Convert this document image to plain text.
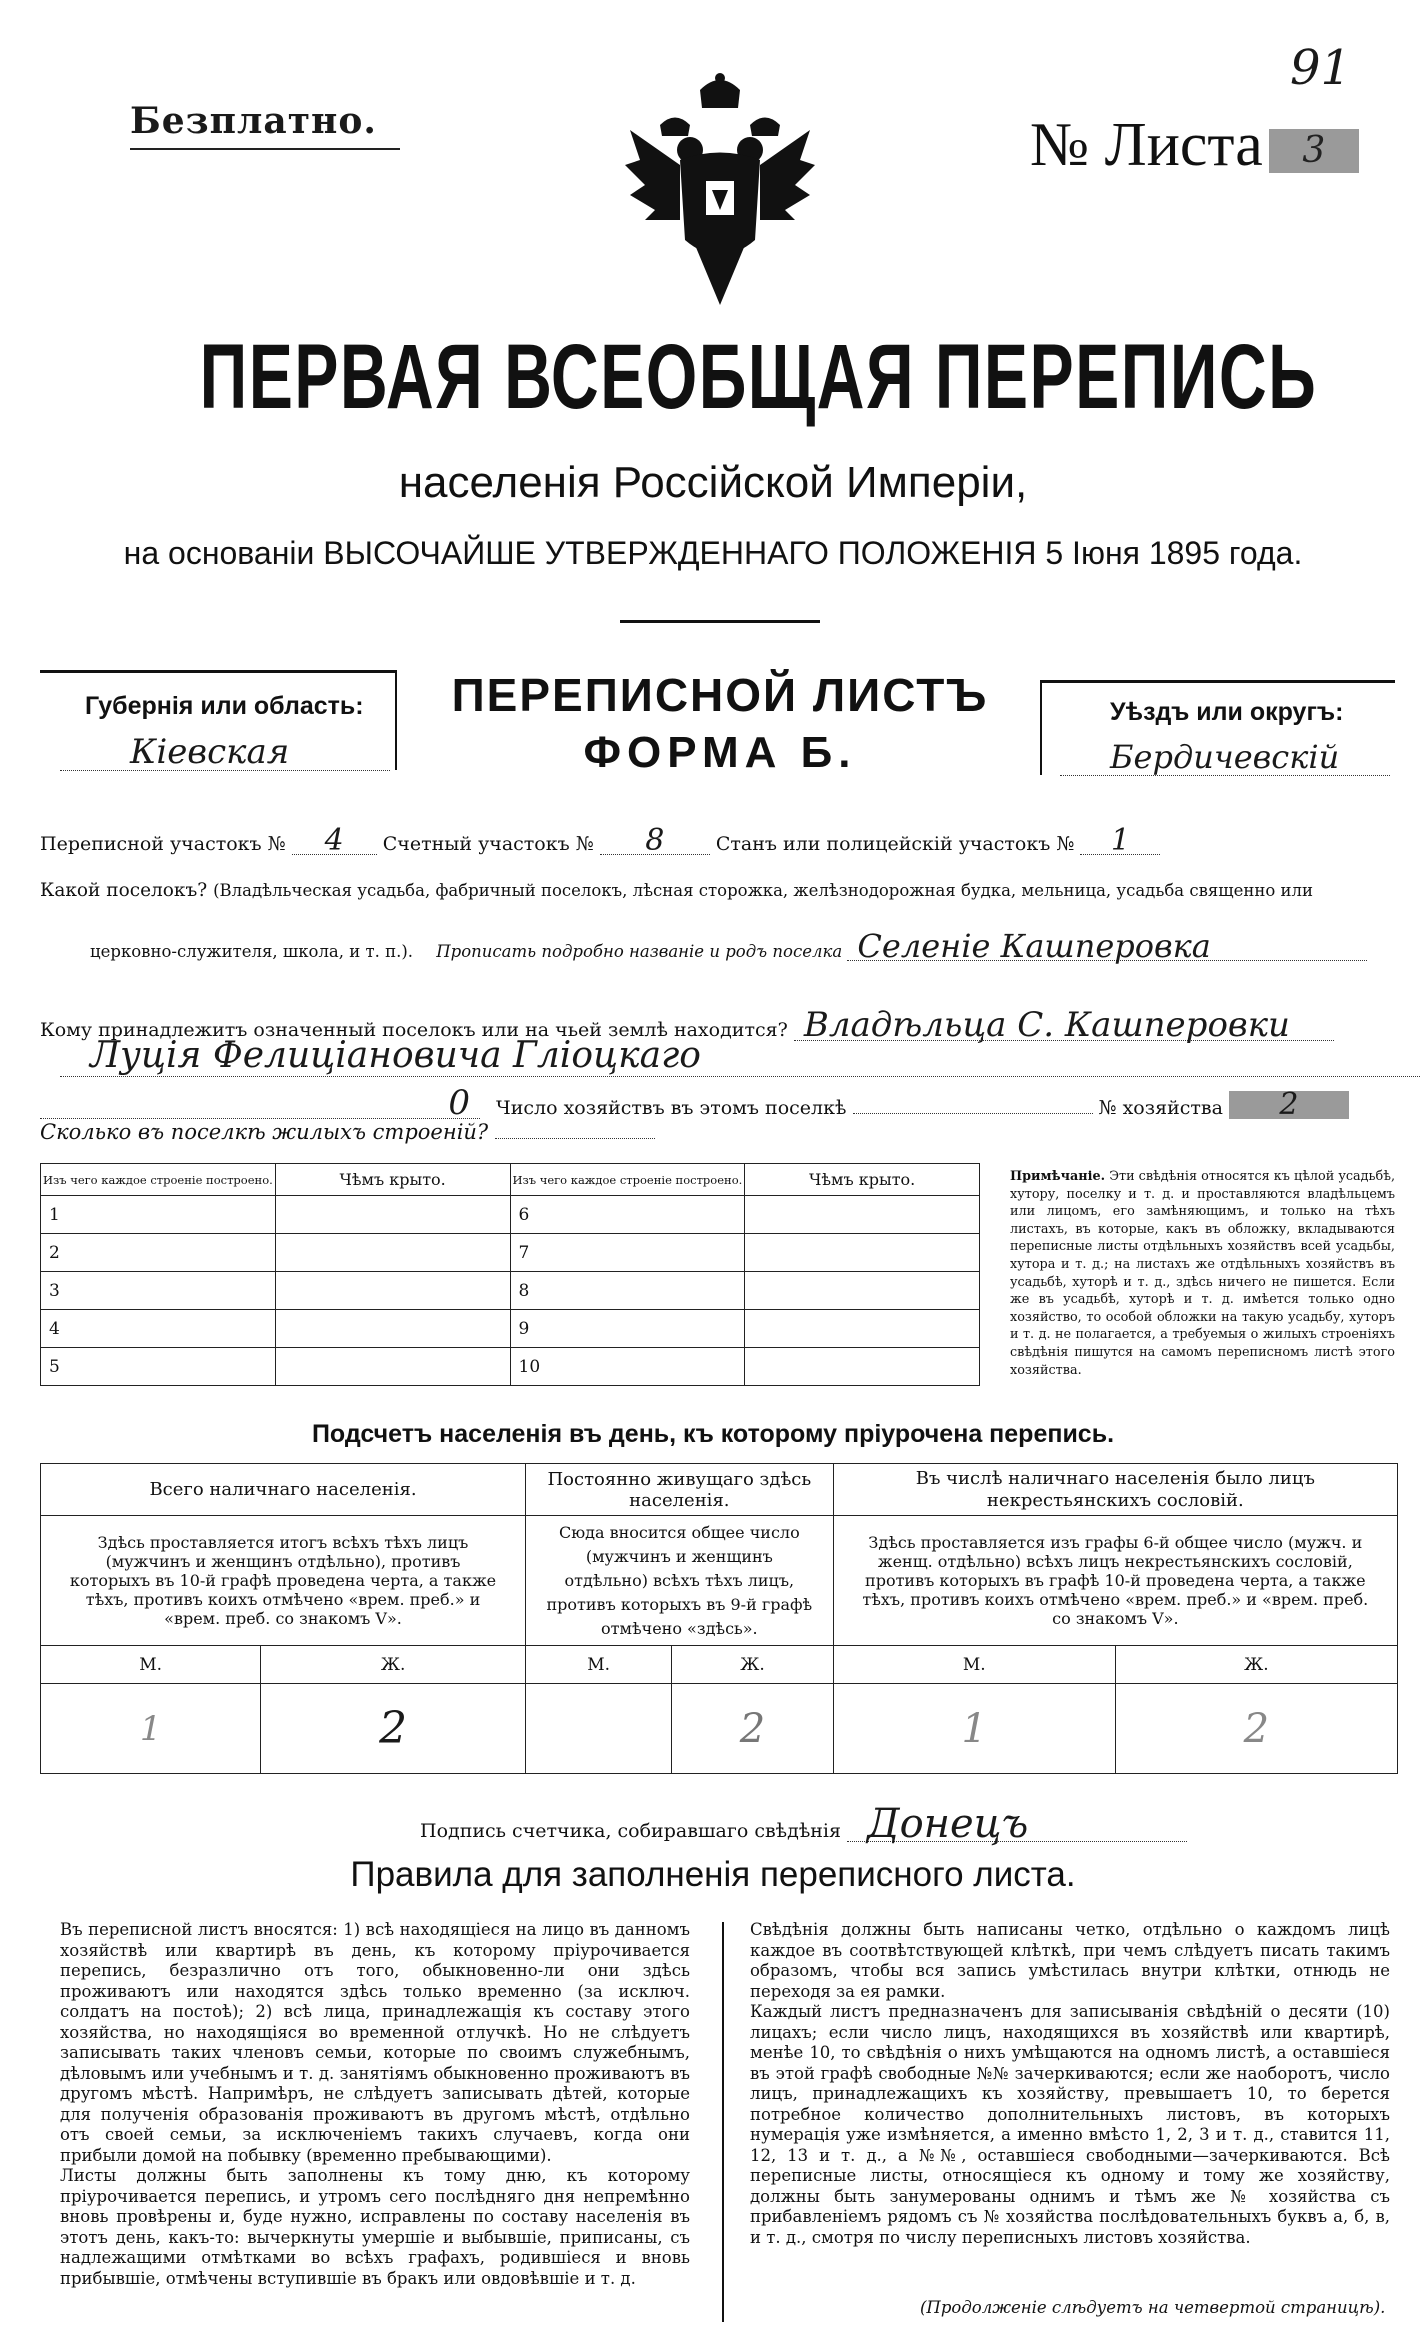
Безплатно.	№ Листа 3
91
ПЕРВАЯ ВСЕОБЩАЯ ПЕРЕПИСЬ
населенія Россійской Имперіи,
на основаніи ВЫСОЧАЙШЕ УТВЕРЖДЕННАГО ПОЛОЖЕНІЯ 5 Іюня 1895 года.
Губернія или область:
Кіевская
ПЕРЕПИСНОЙ ЛИСТЪ
ФОРМА Б.
Уѣздъ или округъ:
Бердичевскій
Переписной участокъ № 4 Счетный участокъ № 8	Станъ или полицейскій участокъ № 1
Какой поселокъ? (Владѣльческая усадьба, фабричный поселокъ, лѣсная сторожка, желѣзнодорожная будка, мельница, усадьба священно или
церковно-служителя, школа, и т. п.). Прописать подробно названіе и родъ поселка Селеніе Кашперовка
Кому принадлежитъ означенный поселокъ или на чьей землѣ находится? Владѣльца С. Кашперовки
Луція Фелиціановича Гліоцкаго
0 Число хозяйствъ въ этомъ поселкѣ	№ хозяйства 2
Сколько въ поселкѣ жилыхъ строеній?
Изъ чего каждое строеніе построено.	Чѣмъ крыто.	Изъ чего каждое строеніе построено.	Чѣмъ крыто.
1		6	
2		7	
3		8	
4		9	
5		10	
Примѣчаніе. Эти свѣдѣнія относятся къ цѣлой усадьбѣ, хутору, поселку и т. д. и проставляются владѣльцемъ или лицомъ, его замѣняющимъ, и только на тѣхъ листахъ, въ которые, какъ въ обложку, вкладываются переписные листы отдѣльныхъ хозяйствъ всей усадьбы, хутора и т. д.; на листахъ же отдѣльныхъ хозяйствъ въ усадьбѣ, хуторѣ и т. д., здѣсь ничего не пишется. Если же въ усадьбѣ, хуторѣ и т. д. имѣется только одно хозяйство, то особой обложки на такую усадьбу, хуторъ и т. д. не полагается, а требуемыя о жилыхъ строеніяхъ свѣдѣнія пишутся на самомъ переписномъ листѣ этого хозяйства.
Подсчетъ населенія въ день, къ которому пріурочена перепись.
Всего наличнаго населенія.		Постоянно живущаго здѣсь населенія.		Въ числѣ наличнаго населенія было лицъ некрестьянскихъ сословій.	
Здѣсь проставляется итогъ всѣхъ тѣхъ лицъ (мужчинъ и женщинъ отдѣльно), противъ которыхъ въ 10-й графѣ проведена черта, а также тѣхъ, противъ коихъ отмѣчено «врем. преб.» и «врем. преб. со знакомъ V».		Сюда вносится общее число (мужчинъ и женщинъ отдѣльно) всѣхъ тѣхъ лицъ, противъ которыхъ въ 9-й графѣ отмѣчено «здѣсь».		Здѣсь проставляется изъ графы 6-й общее число (мужч. и женщ. отдѣльно) всѣхъ лицъ некрестьянскихъ сословій, противъ которыхъ въ графѣ 10-й проведена черта, а также тѣхъ, противъ коихъ отмѣчено «врем. преб.» и «врем. преб. со знакомъ V».	
М.	Ж.	М.	Ж.	М.	Ж.
1	2		2	1	2
Подпись счетчика, собиравшаго свѣдѣнія Донецъ
Правила для заполненія переписного листа.
Въ переписной листъ вносятся: 1) всѣ находящіеся на лицо въ данномъ хозяйствѣ или квартирѣ въ день, къ которому пріурочивается перепись, безразлично отъ того, обыкновенно-ли они здѣсь проживаютъ или находятся здѣсь только временно (за исключ. солдатъ на постоѣ); 2) всѣ лица, принадлежащія къ составу этого хозяйства, но находящіяся во временной отлучкѣ. Но не слѣдуетъ записывать таких членовъ семьи, которые по своимъ служебнымъ, дѣловымъ или учебнымъ и т. д. занятіямъ обыкновенно проживаютъ въ другомъ мѣстѣ. Напримѣръ, не слѣдуетъ записывать дѣтей, которые для полученія образованія проживаютъ въ другомъ мѣстѣ, отдѣльно отъ своей семьи, за исключеніемъ такихъ случаевъ, когда они прибыли домой на побывку (временно пребывающими).
Листы должны быть заполнены къ тому дню, къ которому пріурочивается перепись, и утромъ сего послѣдняго дня непремѣнно вновь провѣрены и, буде нужно, исправлены по составу населенія въ этотъ день, какъ-то: вычеркнуты умершіе и выбывшіе, приписаны, съ надлежащими отмѣтками во всѣхъ графахъ, родившіеся и вновь прибывшіе, отмѣчены вступившіе въ бракъ или овдовѣвшіе и т. д.
Свѣдѣнія должны быть написаны четко, отдѣльно о каждомъ лицѣ каждое въ соотвѣтствующей клѣткѣ, при чемъ слѣдуетъ писать такимъ образомъ, чтобы вся запись умѣстилась внутри клѣтки, отнюдь не переходя за ея рамки.
Каждый листъ предназначенъ для записыванія свѣдѣній о десяти (10) лицахъ; если число лицъ, находящихся въ хозяйствѣ или квартирѣ, менѣе 10, то свѣдѣнія о нихъ умѣщаются на одномъ листѣ, а оставшіеся въ этой графѣ свободные №№ зачеркиваются; если же наоборотъ, число лицъ, принадлежащихъ къ хозяйству, превышаетъ 10, то берется потребное количество дополнительныхъ листовъ, въ которыхъ нумерація уже измѣняется, а именно вмѣсто 1, 2, 3 и т. д., ставится 11, 12, 13 и т. д., а №№, оставшіеся свободными—зачеркиваются. Всѣ переписные листы, относящіеся къ одному и тому же хозяйству, должны быть занумерованы однимъ и тѣмъ же № хозяйства съ прибавленіемъ рядомъ съ № хозяйства послѣдовательныхъ буквъ а, б, в, и т. д., смотря по числу переписныхъ листовъ хозяйства.
(Продолженіе слѣдуетъ на четвертой страницѣ).
